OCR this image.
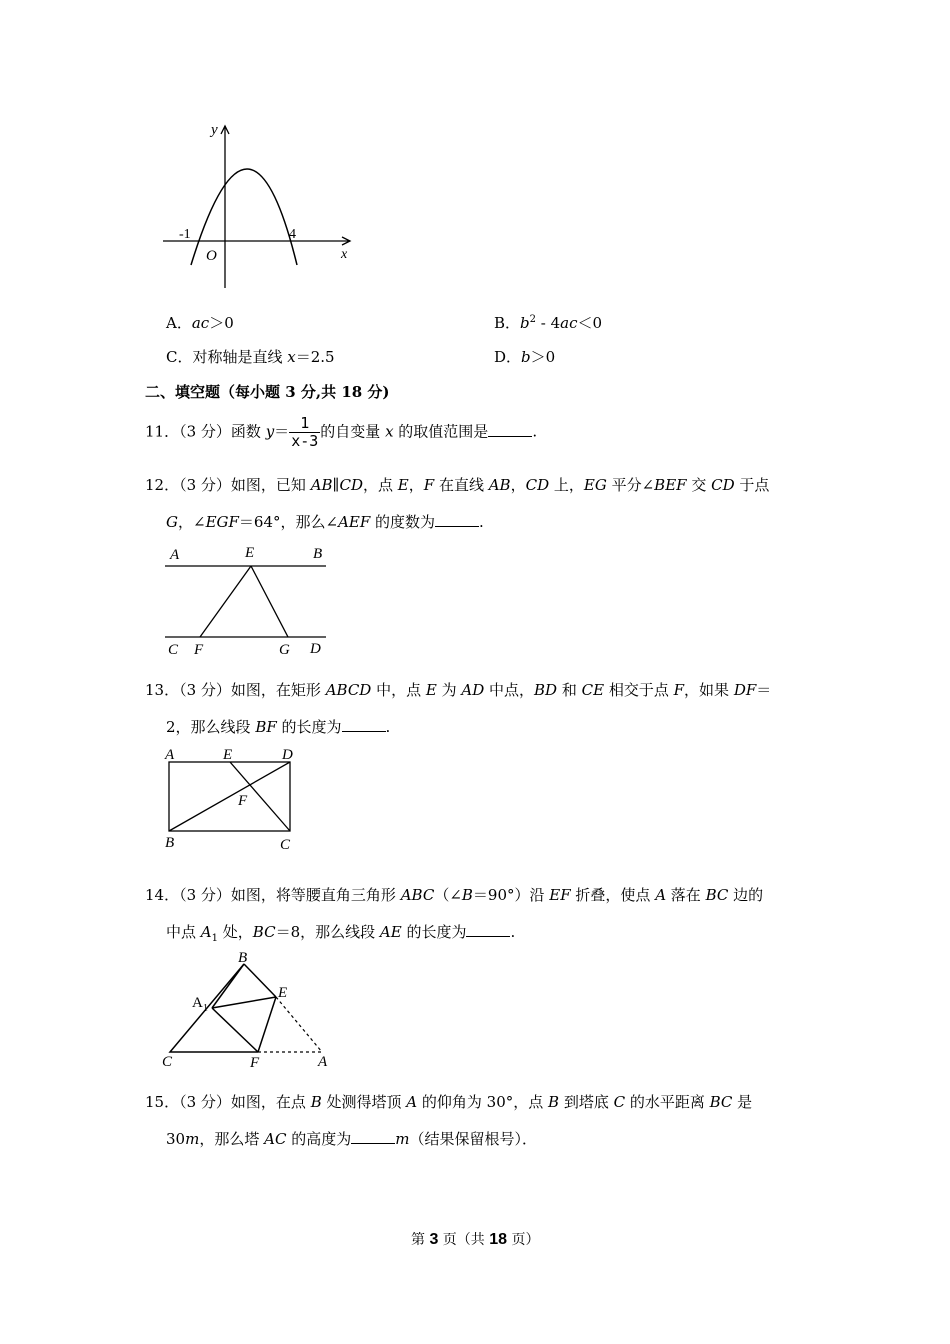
y
x
O
-1	4
A．ac＞0	B．$b^2 - 4ac<0$
C．对称轴是直线 x＝2.5	D．b＞0
二、填空题（每小题 3 分,共 18 分)
11．（3 分）函数 $y= \frac{1}{x-3}$ 的自变量 x 的取值范围是	.
12．（3 分）如图，已知 AB∥CD，点 E，F 在直线 AB，CD 上，EG 平分∠BEF 交 CD 于点
G，∠EGF＝64°，那么∠AEF 的度数为	.
A	E	B
C F	G D
13．（3 分）如图，在矩形 ABCD 中，点 E 为 AD 中点，BD 和 CE 相交于点 F，如果 DF＝
2，那么线段 BF 的长度为	.
A	E	D
F
B	C
14．（3 分）如图，将等腰直角三角形 ABC（∠B＝90°）沿 EF 折叠，使点 A 落在 BC 边的
中点 $A_1$ 处，BC＝8，那么线段 AE 的长度为	.
B
A 1
E
C	F	A
15．（3 分）如图，在点 B 处测得塔顶 A 的仰角为 30°，点 B 到塔底 C 的水平距离 BC 是
30m，那么塔 AC 的高度为	m（结果保留根号）．
第 3 页（共 18 页）
